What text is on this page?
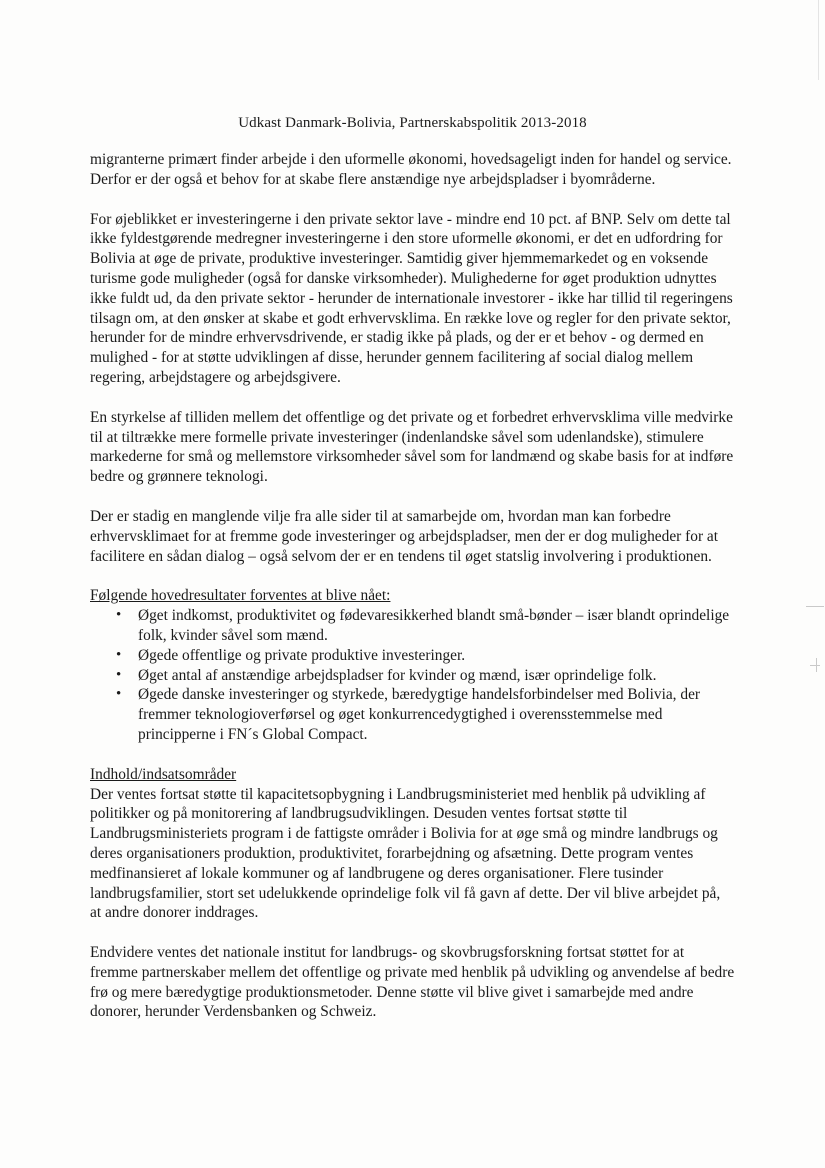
Udkast Danmark-Bolivia, Partnerskabspolitik 2013-2018

migranterne primært finder arbejde i den uformelle økonomi, hovedsageligt inden for handel og service. Derfor er der også et behov for at skabe flere anstændige nye arbejdspladser i byområderne.

For øjeblikket er investeringerne i den private sektor lave - mindre end 10 pct. af BNP. Selv om dette tal ikke fyldestgørende medregner investeringerne i den store uformelle økonomi, er det en udfordring for Bolivia at øge de private, produktive investeringer. Samtidig giver hjemmemarkedet og en voksende turisme gode muligheder (også for danske virksomheder). Mulighederne for øget produktion udnyttes ikke fuldt ud, da den private sektor - herunder de internationale investorer - ikke har tillid til regeringens tilsagn om, at den ønsker at skabe et godt erhvervsklima. En række love og regler for den private sektor, herunder for de mindre erhvervsdrivende, er stadig ikke på plads, og der er et behov - og dermed en mulighed - for at støtte udviklingen af disse, herunder gennem facilitering af social dialog mellem regering, arbejdstagere og arbejdsgivere.

En styrkelse af tilliden mellem det offentlige og det private og et forbedret erhvervsklima ville medvirke til at tiltrække mere formelle private investeringer (indenlandske såvel som udenlandske), stimulere markederne for små og mellemstore virksomheder såvel som for landmænd og skabe basis for at indføre bedre og grønnere teknologi.

Der er stadig en manglende vilje fra alle sider til at samarbejde om, hvordan man kan forbedre erhvervsklimaet for at fremme gode investeringer og arbejdspladser, men der er dog muligheder for at facilitere en sådan dialog – også selvom der er en tendens til øget statslig involvering i produktionen.

Følgende hovedresultater forventes at blive nået:

• Øget indkomst, produktivitet og fødevaresikkerhed blandt små-bønder – især blandt oprindelige folk, kvinder såvel som mænd.
• Øgede offentlige og private produktive investeringer.
• Øget antal af anstændige arbejdspladser for kvinder og mænd, især oprindelige folk.
• Øgede danske investeringer og styrkede, bæredygtige handelsforbindelser med Bolivia, der fremmer teknologioverførsel og øget konkurrencedygtighed i overensstemmelse med principperne i FN´s Global Compact.

Indhold/indsatsområder

Der ventes fortsat støtte til kapacitetsopbygning i Landbrugsministeriet med henblik på udvikling af politikker og på monitorering af landbrugsudviklingen. Desuden ventes fortsat støtte til Landbrugsministeriets program i de fattigste områder i Bolivia for at øge små og mindre landbrugs og deres organisationers produktion, produktivitet, forarbejdning og afsætning. Dette program ventes medfinansieret af lokale kommuner og af landbrugene og deres organisationer. Flere tusinder landbrugsfamilier, stort set udelukkende oprindelige folk vil få gavn af dette. Der vil blive arbejdet på, at andre donorer inddrages.

Endvidere ventes det nationale institut for landbrugs- og skovbrugsforskning fortsat støttet for at fremme partnerskaber mellem det offentlige og private med henblik på udvikling og anvendelse af bedre frø og mere bæredygtige produktionsmetoder. Denne støtte vil blive givet i samarbejde med andre donorer, herunder Verdensbanken og Schweiz.
